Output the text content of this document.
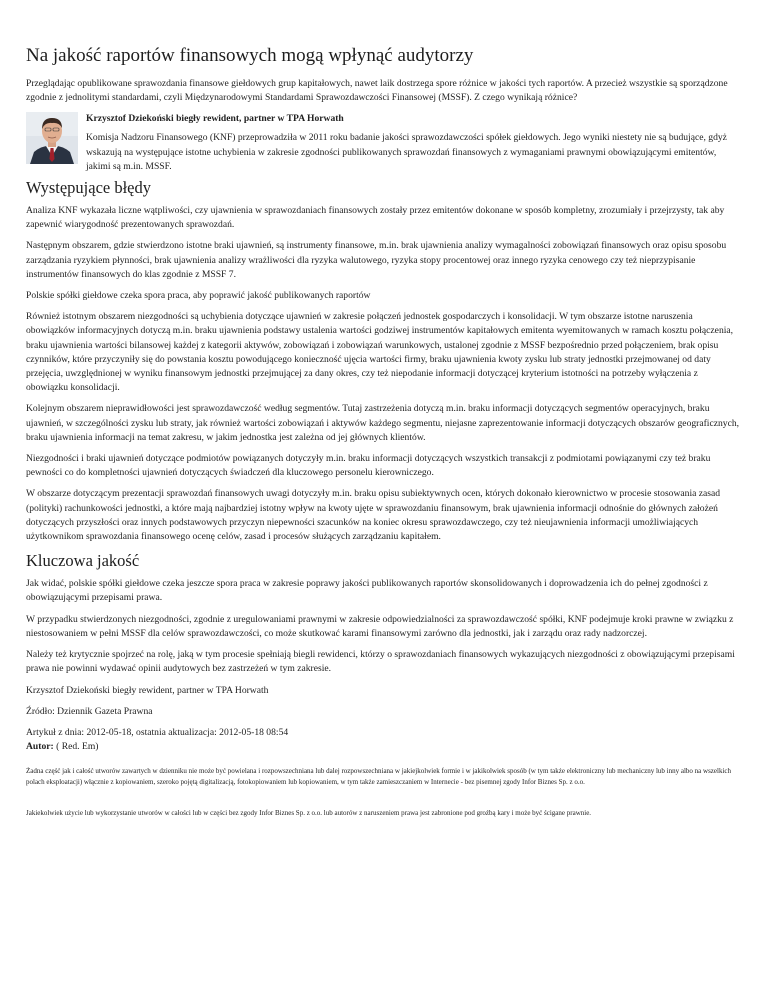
Na jakość raportów finansowych mogą wpłynąć audytorzy

Przeglądając opublikowane sprawozdania finansowe giełdowych grup kapitałowych, nawet laik dostrzega spore różnice w jakości tych raportów. A przecież wszystkie są sporządzone zgodnie z jednolitymi standardami, czyli Międzynarodowymi Standardami Sprawozdawczości Finansowej (MSSF). Z czego wynikają różnice?

Krzysztof Dziekoński biegły rewident, partner w TPA Horwath

Komisja Nadzoru Finansowego (KNF) przeprowadziła w 2011 roku badanie jakości sprawozdawczości spółek giełdowych. Jego wyniki niestety nie są budujące, gdyż wskazują na występujące istotne uchybienia w zakresie zgodności publikowanych sprawozdań finansowych z wymaganiami prawnymi obowiązującymi emitentów, jakimi są m.in. MSSF.

Występujące błędy

Analiza KNF wykazała liczne wątpliwości, czy ujawnienia w sprawozdaniach finansowych zostały przez emitentów dokonane w sposób kompletny, zrozumiały i przejrzysty, tak aby zapewnić wiarygodność prezentowanych sprawozdań.

Następnym obszarem, gdzie stwierdzono istotne braki ujawnień, są instrumenty finansowe, m.in. brak ujawnienia analizy wymagalności zobowiązań finansowych oraz opisu sposobu zarządzania ryzykiem płynności, brak ujawnienia analizy wrażliwości dla ryzyka walutowego, ryzyka stopy procentowej oraz innego ryzyka cenowego czy też nieprzypisanie instrumentów finansowych do klas zgodnie z MSSF 7.

Polskie spółki giełdowe czeka spora praca, aby poprawić jakość publikowanych raportów

Również istotnym obszarem niezgodności są uchybienia dotyczące ujawnień w zakresie połączeń jednostek gospodarczych i konsolidacji. W tym obszarze istotne naruszenia obowiązków informacyjnych dotyczą m.in. braku ujawnienia podstawy ustalenia wartości godziwej instrumentów kapitałowych emitenta wyemitowanych w ramach kosztu połączenia, braku ujawnienia wartości bilansowej każdej z kategorii aktywów, zobowiązań i zobowiązań warunkowych, ustalonej zgodnie z MSSF bezpośrednio przed połączeniem, brak opisu czynników, które przyczyniły się do powstania kosztu powodującego konieczność ujęcia wartości firmy, braku ujawnienia kwoty zysku lub straty jednostki przejmowanej od daty przejęcia, uwzględnionej w wyniku finansowym jednostki przejmującej za dany okres, czy też niepodanie informacji dotyczącej kryterium istotności na potrzeby wyłączenia z obowiązku konsolidacji.

Kolejnym obszarem nieprawidłowości jest sprawozdawczość według segmentów. Tutaj zastrzeżenia dotyczą m.in. braku informacji dotyczących segmentów operacyjnych, braku ujawnień, w szczególności zysku lub straty, jak również wartości zobowiązań i aktywów każdego segmentu, niejasne zaprezentowanie informacji dotyczących obszarów geograficznych, braku ujawnienia informacji na temat zakresu, w jakim jednostka jest zależna od jej głównych klientów.

Niezgodności i braki ujawnień dotyczące podmiotów powiązanych dotyczyły m.in. braku informacji dotyczących wszystkich transakcji z podmiotami powiązanymi czy też braku pewności co do kompletności ujawnień dotyczących świadczeń dla kluczowego personelu kierowniczego.

W obszarze dotyczącym prezentacji sprawozdań finansowych uwagi dotyczyły m.in. braku opisu subiektywnych ocen, których dokonało kierownictwo w procesie stosowania zasad (polityki) rachunkowości jednostki, a które mają najbardziej istotny wpływ na kwoty ujęte w sprawozdaniu finansowym, brak ujawnienia informacji odnośnie do głównych założeń dotyczących przyszłości oraz innych podstawowych przyczyn niepewności szacunków na koniec okresu sprawozdawczego, czy też nieujawnienia informacji umożliwiających użytkownikom sprawozdania finansowego ocenę celów, zasad i procesów służących zarządzaniu kapitałem.

Kluczowa jakość

Jak widać, polskie spółki giełdowe czeka jeszcze spora praca w zakresie poprawy jakości publikowanych raportów skonsolidowanych i doprowadzenia ich do pełnej zgodności z obowiązującymi przepisami prawa.

W przypadku stwierdzonych niezgodności, zgodnie z uregulowaniami prawnymi w zakresie odpowiedzialności za sprawozdawczość spółki, KNF podejmuje kroki prawne w związku z niestosowaniem w pełni MSSF dla celów sprawozdawczości, co może skutkować karami finansowymi zarówno dla jednostki, jak i zarządu oraz rady nadzorczej.

Należy też krytycznie spojrzeć na rolę, jaką w tym procesie spełniają biegli rewidenci, którzy o sprawozdaniach finansowych wykazujących niezgodności z obowiązującymi przepisami prawa nie powinni wydawać opinii audytowych bez zastrzeżeń w tym zakresie.

Krzysztof Dziekoński biegły rewident, partner w TPA Horwath

Źródło: Dziennik Gazeta Prawna

Artykuł z dnia: 2012-05-18, ostatnia aktualizacja: 2012-05-18 08:54

Autor: ( Red. Em)

Żadna część jak i całość utworów zawartych w dzienniku nie może być powielana i rozpowszechniana lub dalej rozpowszechniana w jakiejkolwiek formie i w jakikolwiek sposób (w tym także elektroniczny lub mechaniczny lub inny albo na wszelkich polach eksploatacji) włącznie z kopiowaniem, szeroko pojętą digitalizacją, fotokopiowaniem lub kopiowaniem, w tym także zamieszczaniem w Internecie - bez pisemnej zgody Infor Biznes Sp. z o.o.

Jakiekolwiek użycie lub wykorzystanie utworów w całości lub w części bez zgody Infor Biznes Sp. z o.o. lub autorów z naruszeniem prawa jest zabronione pod groźbą kary i może być ścigane prawnie.
